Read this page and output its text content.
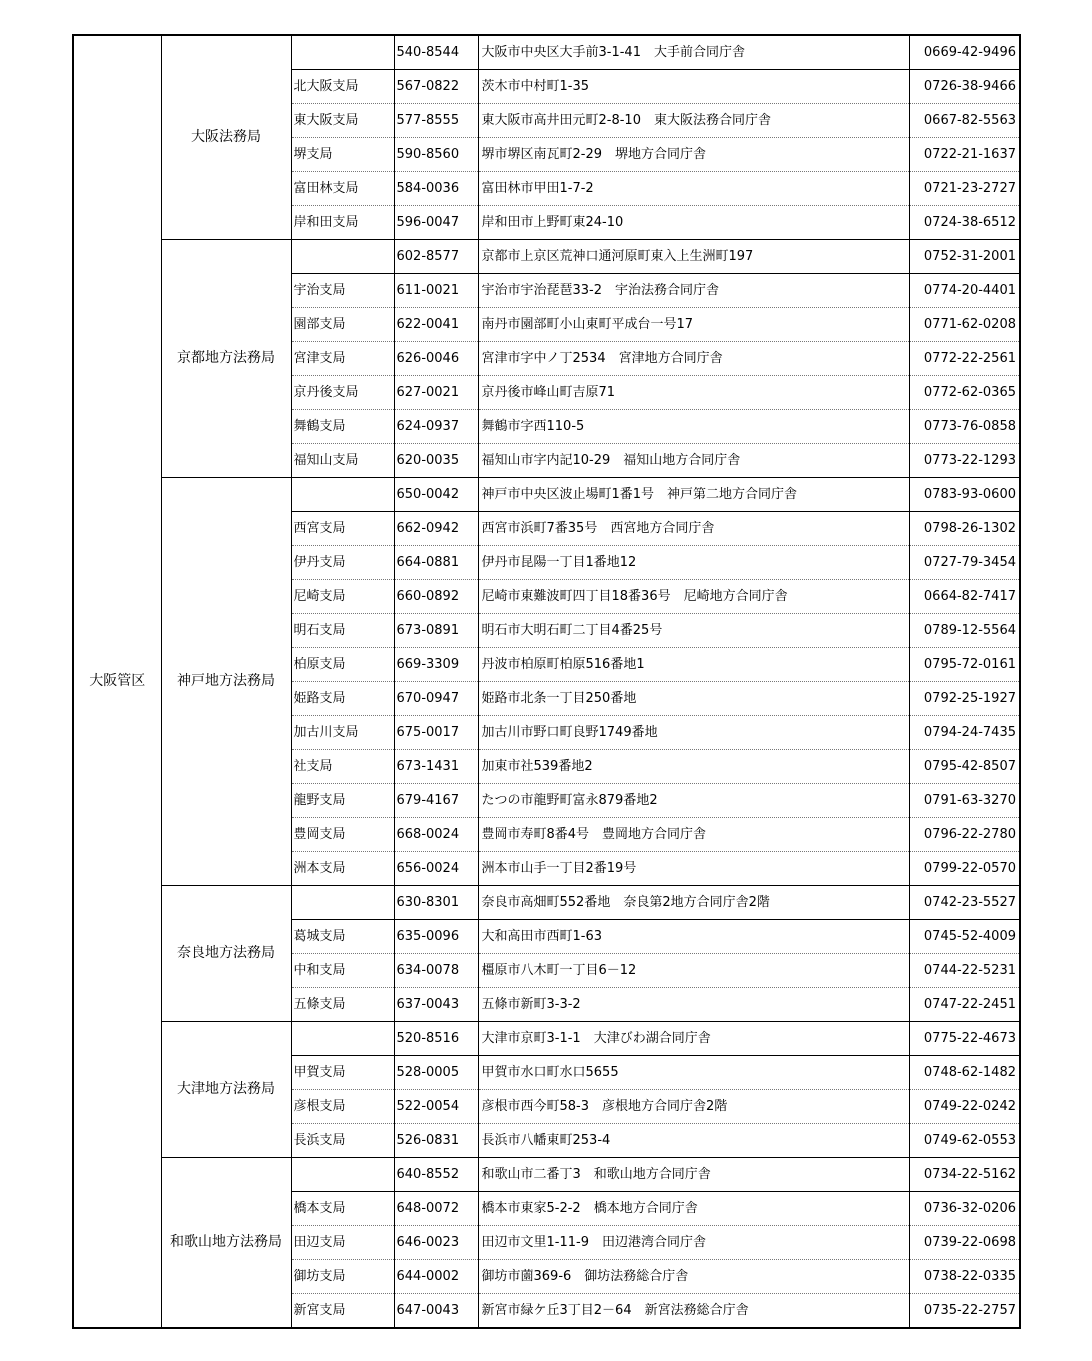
大阪管区	大阪法務局		540-8544	大阪市中央区大手前3-1-41　大手前合同庁舎	0669-42-9496
		北大阪支局	567-0822	茨木市中村町1-35	0726-38-9466
		東大阪支局	577-8555	東大阪市高井田元町2-8-10　東大阪法務合同庁舎	0667-82-5563
		堺支局	590-8560	堺市堺区南瓦町2-29　堺地方合同庁舎	0722-21-1637
		富田林支局	584-0036	富田林市甲田1-7-2	0721-23-2727
		岸和田支局	596-0047	岸和田市上野町東24-10	0724-38-6512
	京都地方法務局		602-8577	京都市上京区荒神口通河原町東入上生洲町197	0752-31-2001
		宇治支局	611-0021	宇治市宇治琵琶33-2　宇治法務合同庁舎	0774-20-4401
		園部支局	622-0041	南丹市園部町小山東町平成台一号17	0771-62-0208
		宮津支局	626-0046	宮津市字中ノ丁2534　宮津地方合同庁舎	0772-22-2561
		京丹後支局	627-0021	京丹後市峰山町吉原71	0772-62-0365
		舞鶴支局	624-0937	舞鶴市字西110-5	0773-76-0858
		福知山支局	620-0035	福知山市字内記10-29　福知山地方合同庁舎	0773-22-1293
	神戸地方法務局		650-0042	神戸市中央区波止場町1番1号　神戸第二地方合同庁舎	0783-93-0600
		西宮支局	662-0942	西宮市浜町7番35号　西宮地方合同庁舎	0798-26-1302
		伊丹支局	664-0881	伊丹市昆陽一丁目1番地12	0727-79-3454
		尼崎支局	660-0892	尼崎市東難波町四丁目18番36号　尼崎地方合同庁舎	0664-82-7417
		明石支局	673-0891	明石市大明石町二丁目4番25号	0789-12-5564
		柏原支局	669-3309	丹波市柏原町柏原516番地1	0795-72-0161
		姫路支局	670-0947	姫路市北条一丁目250番地	0792-25-1927
		加古川支局	675-0017	加古川市野口町良野1749番地	0794-24-7435
		社支局	673-1431	加東市社539番地2	0795-42-8507
		龍野支局	679-4167	たつの市龍野町富永879番地2	0791-63-3270
		豊岡支局	668-0024	豊岡市寿町8番4号　豊岡地方合同庁舎	0796-22-2780
		洲本支局	656-0024	洲本市山手一丁目2番19号	0799-22-0570
	奈良地方法務局		630-8301	奈良市高畑町552番地　奈良第2地方合同庁舎2階	0742-23-5527
		葛城支局	635-0096	大和高田市西町1-63	0745-52-4009
		中和支局	634-0078	橿原市八木町一丁目6－12	0744-22-5231
		五條支局	637-0043	五條市新町3-3-2	0747-22-2451
	大津地方法務局		520-8516	大津市京町3-1-1　大津びわ湖合同庁舎	0775-22-4673
		甲賀支局	528-0005	甲賀市水口町水口5655	0748-62-1482
		彦根支局	522-0054	彦根市西今町58-3　彦根地方合同庁舎2階	0749-22-0242
		長浜支局	526-0831	長浜市八幡東町253-4	0749-62-0553
	和歌山地方法務局		640-8552	和歌山市二番丁3　和歌山地方合同庁舎	0734-22-5162
		橋本支局	648-0072	橋本市東家5-2-2　橋本地方合同庁舎	0736-32-0206
		田辺支局	646-0023	田辺市文里1-11-9　田辺港湾合同庁舎	0739-22-0698
		御坊支局	644-0002	御坊市薗369-6　御坊法務総合庁舎	0738-22-0335
		新宮支局	647-0043	新宮市緑ケ丘3丁目2－64　新宮法務総合庁舎	0735-22-2757
